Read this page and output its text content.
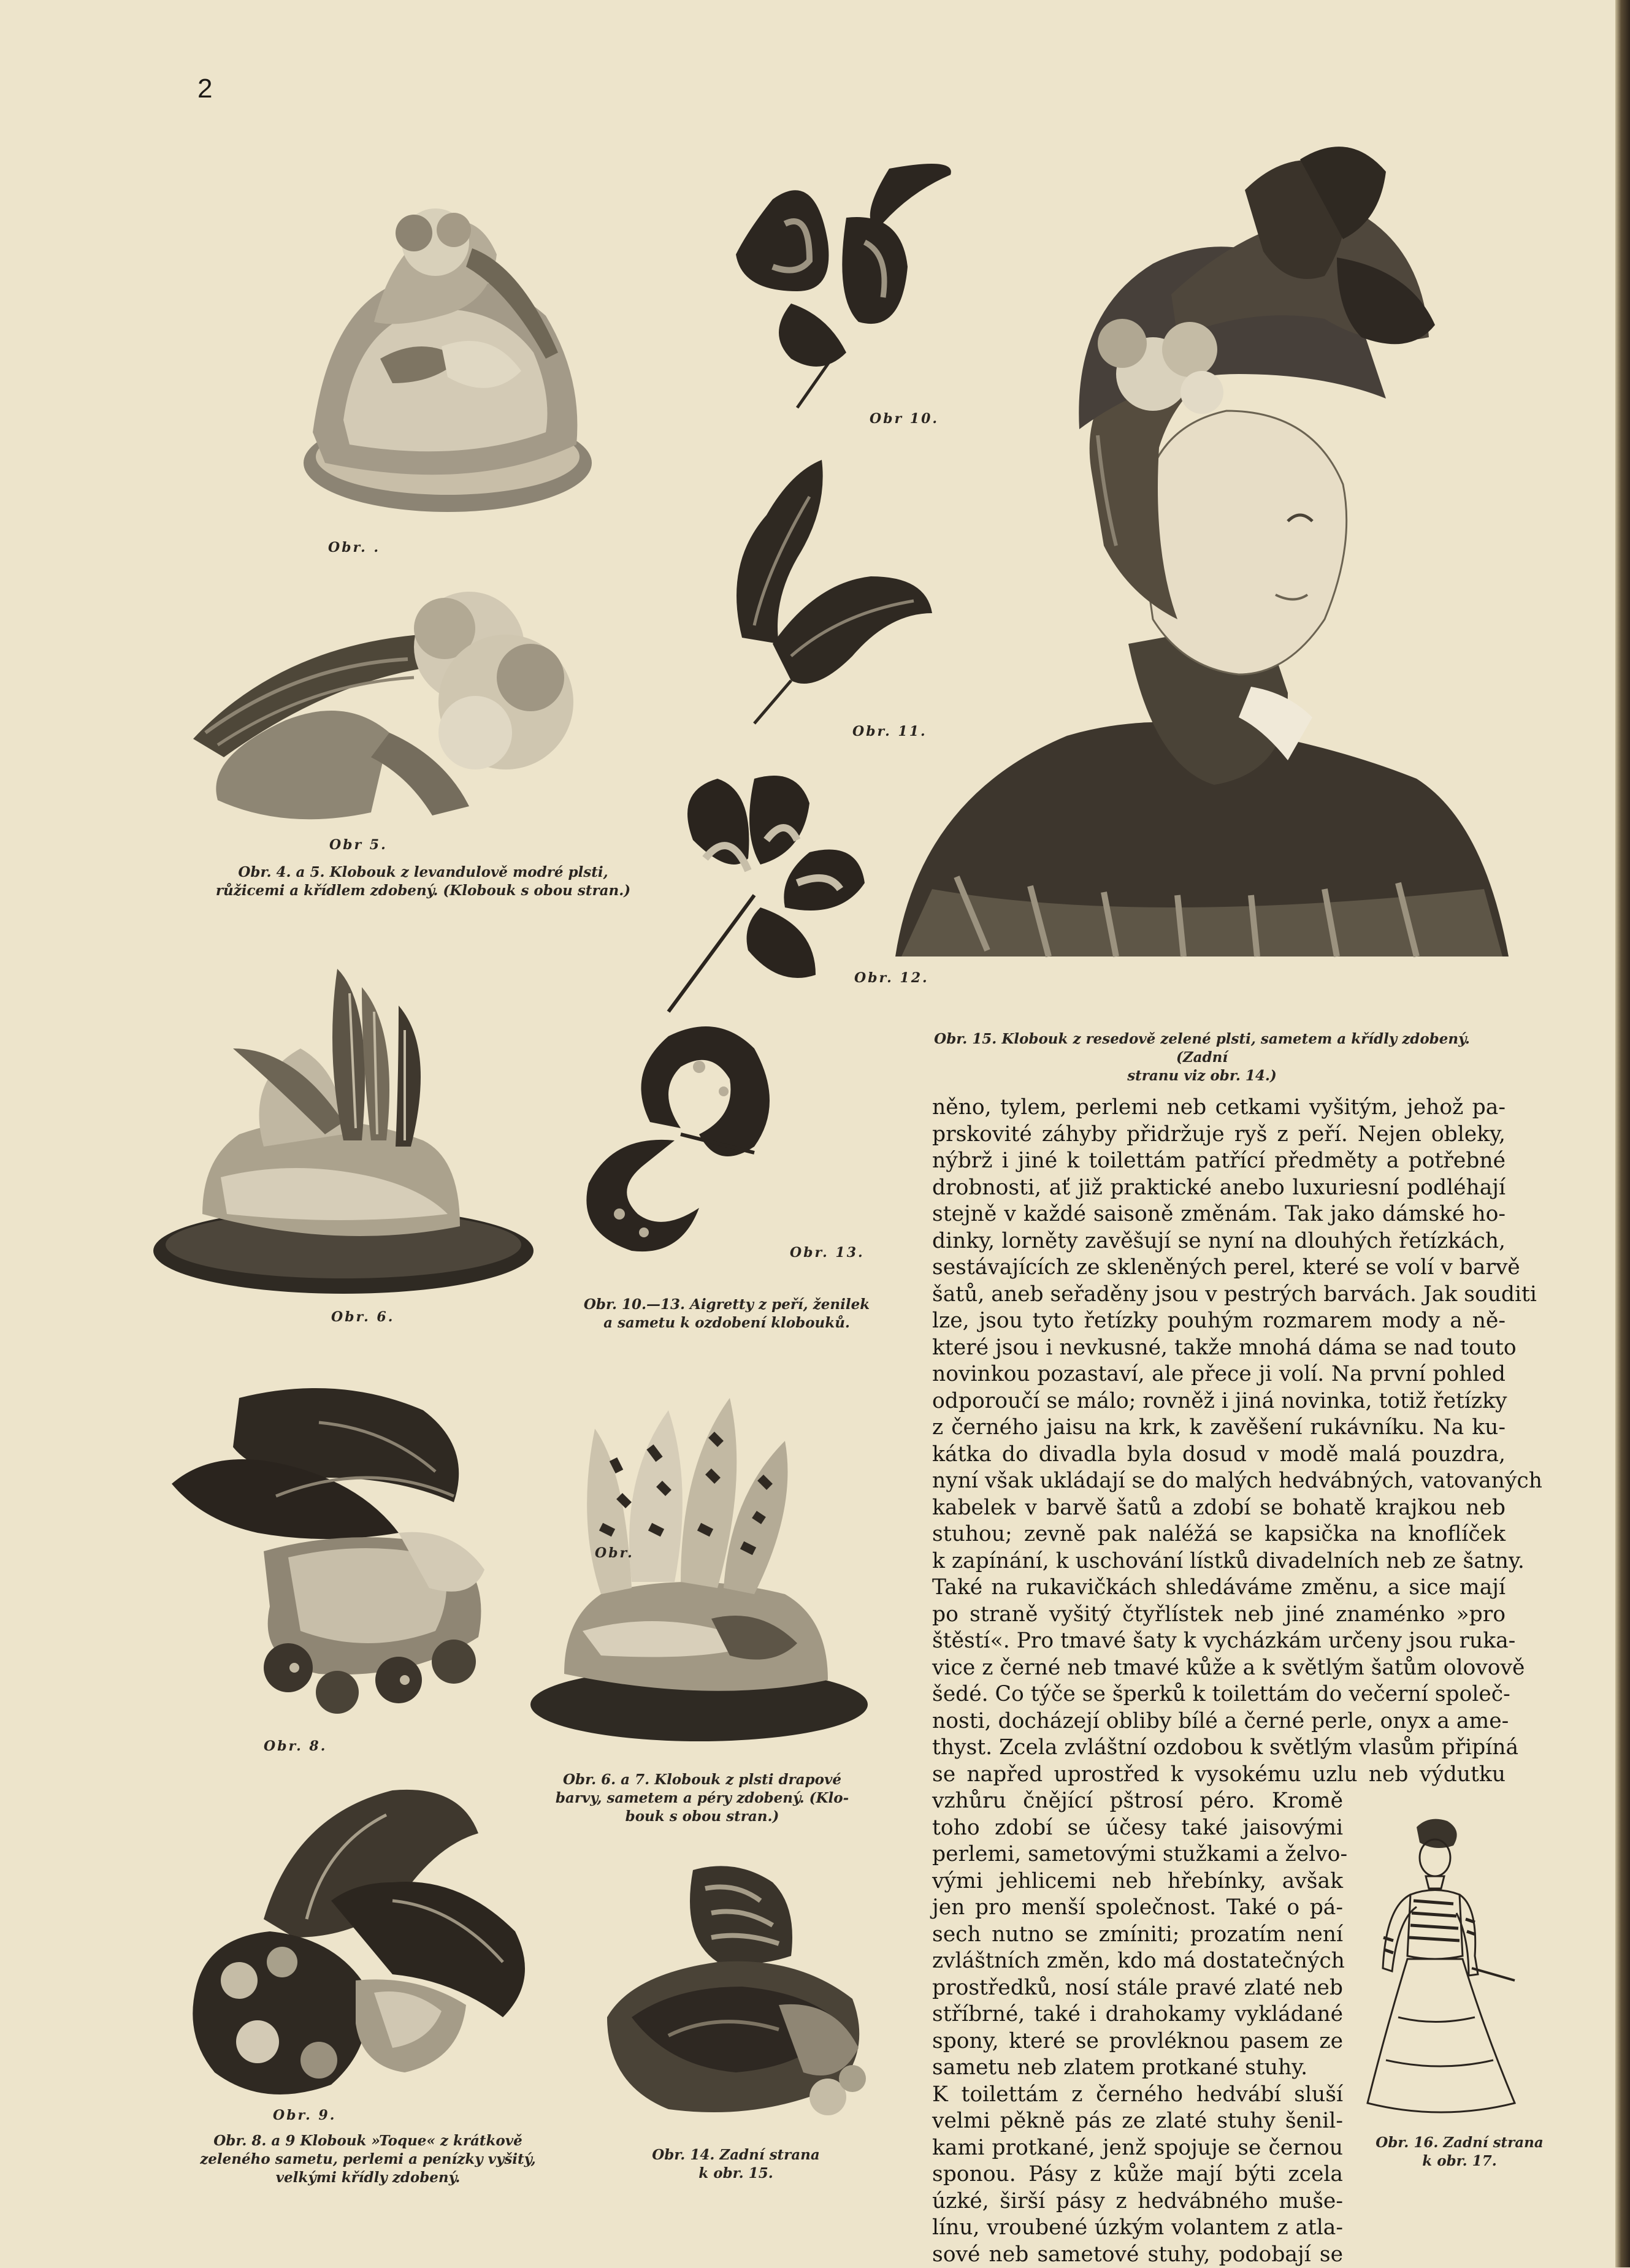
2
Obr. .
Obr 5.
Obr. 4. a 5. Klobouk z levandulově modré plsti,
růžicemi a křídlem zdobený. (Klobouk s obou stran.)
Obr 10.
Obr. 11.
Obr. 12.
Obr. 13.
Obr. 10.—13. Aigretty z peří, ženilek
a sametu k ozdobení klobouků.
Obr. 15. Klobouk z resedově zelené plsti, sametem a křídly zdobený. (Zadní
stranu viz obr. 14.)
Obr. 6.
Obr. 8.
Obr.
Obr. 6. a 7. Klobouk z plsti drapové
barvy, sametem a péry zdobený. (Klo-
bouk s obou stran.)
Obr. 9.
Obr. 8. a 9 Klobouk »Toque« z krátkově
zeleného sametu, perlemi a penízky vyšitý,
velkými křídly zdobený.
Obr. 14. Zadní strana
k obr. 15.
Obr. 16. Zadní strana
k obr. 17.
něno, tylem, perlemi neb cetkami vyšitým, jehož pa-
prskovité záhyby přidržuje ryš z peří. Nejen obleky,
nýbrž i jiné k toilettám patřící předměty a potřebné
drobnosti, ať již praktické anebo luxuriesní podléhají
stejně v každé saisoně změnám. Tak jako dámské ho-
dinky, lorněty zavěšují se nyní na dlouhých řetízkách,
sestávajících ze skleněných perel, které se volí v barvě
šatů, aneb seřaděny jsou v pestrých barvách. Jak souditi
lze, jsou tyto řetízky pouhým rozmarem mody a ně-
které jsou i nevkusné, takže mnohá dáma se nad touto
novinkou pozastaví, ale přece ji volí. Na první pohled
odporoučí se málo; rovněž i jiná novinka, totiž řetízky
z černého jaisu na krk, k zavěšení rukávníku. Na ku-
kátka do divadla byla dosud v modě malá pouzdra,
nyní však ukládají se do malých hedvábných, vatovaných
kabelek v barvě šatů a zdobí se bohatě krajkou neb
stuhou; zevně pak naléžá se kapsička na knoflíček
k zapínání, k uschování lístků divadelních neb ze šatny.
Také na rukavičkách shledáváme změnu, a sice mají
po straně vyšitý čtyřlístek neb jiné znaménko »pro
štěstí«. Pro tmavé šaty k vycházkám určeny jsou ruka-
vice z černé neb tmavé kůže a k světlým šatům olovově
šedé. Co týče se šperků k toilettám do večerní společ-
nosti, docházejí obliby bílé a černé perle, onyx a ame-
thyst. Zcela zvláštní ozdobou k světlým vlasům připíná
se napřed uprostřed k vysokému uzlu neb výdutku
vzhůru čnějící pštrosí péro. Kromě
toho zdobí se účesy také jaisovými
perlemi, sametovými stužkami a želvo-
vými jehlicemi neb hřebínky, avšak
jen pro menší společnost. Také o pá-
sech nutno se zmíniti; prozatím není
zvláštních změn, kdo má dostatečných
prostředků, nosí stále pravé zlaté neb
stříbrné, také i drahokamy vykládané
spony, které se provléknou pasem ze
sametu neb zlatem protkané stuhy.
K toilettám z černého hedvábí sluší
velmi pěkně pás ze zlaté stuhy šenil-
kami protkané, jenž spojuje se černou
sponou. Pásy z kůže mají býti zcela
úzké, širší pásy z hedvábného muše-
línu, vroubené úzkým volantem z atla-
sové neb sametové stuhy, podobají se
